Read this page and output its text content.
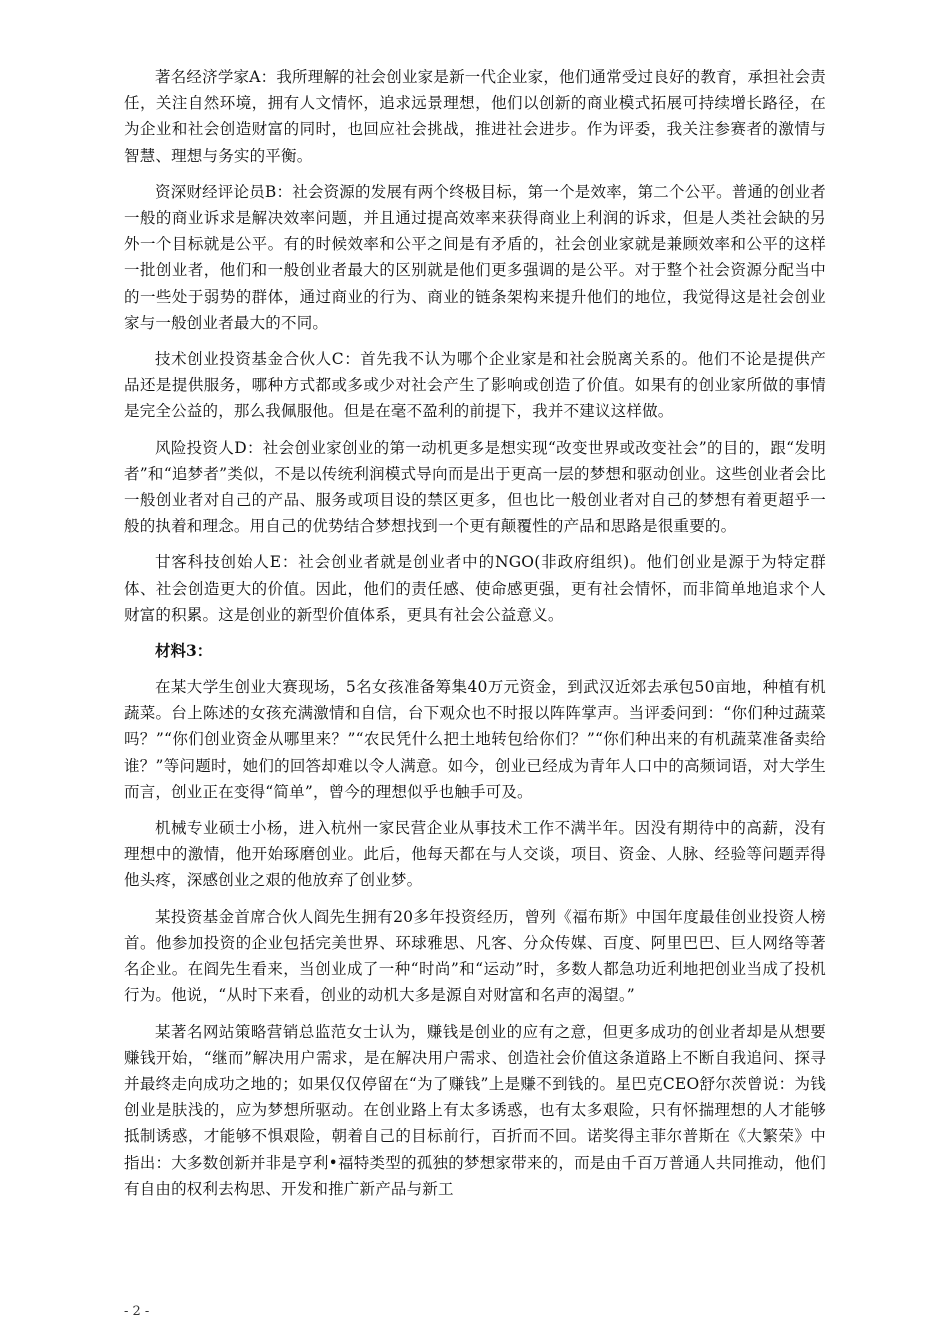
著名经济学家A：我所理解的社会创业家是新一代企业家，他们通常受过良好的教育，承担社会责任，关注自然环境，拥有人文情怀，追求远景理想，他们以创新的商业模式拓展可持续增长路径，在为企业和社会创造财富的同时，也回应社会挑战，推进社会进步。作为评委，我关注参赛者的激情与智慧、理想与务实的平衡。

资深财经评论员B：社会资源的发展有两个终极目标，第一个是效率，第二个公平。普通的创业者一般的商业诉求是解决效率问题，并且通过提高效率来获得商业上利润的诉求，但是人类社会缺的另外一个目标就是公平。有的时候效率和公平之间是有矛盾的，社会创业家就是兼顾效率和公平的这样一批创业者，他们和一般创业者最大的区别就是他们更多强调的是公平。对于整个社会资源分配当中的一些处于弱势的群体，通过商业的行为、商业的链条架构来提升他们的地位，我觉得这是社会创业家与一般创业者最大的不同。

技术创业投资基金合伙人C：首先我不认为哪个企业家是和社会脱离关系的。他们不论是提供产品还是提供服务，哪种方式都或多或少对社会产生了影响或创造了价值。如果有的创业家所做的事情是完全公益的，那么我佩服他。但是在毫不盈利的前提下，我并不建议这样做。

风险投资人D：社会创业家创业的第一动机更多是想实现“改变世界或改变社会”的目的，跟“发明者”和“追梦者”类似，不是以传统利润模式导向而是出于更高一层的梦想和驱动创业。这些创业者会比一般创业者对自己的产品、服务或项目设的禁区更多，但也比一般创业者对自己的梦想有着更超乎一般的执着和理念。用自己的优势结合梦想找到一个更有颠覆性的产品和思路是很重要的。

甘客科技创始人E：社会创业者就是创业者中的NGO(非政府组织)。他们创业是源于为特定群体、社会创造更大的价值。因此，他们的责任感、使命感更强，更有社会情怀，而非简单地追求个人财富的积累。这是创业的新型价值体系，更具有社会公益意义。

材料3：

在某大学生创业大赛现场，5名女孩准备筹集40万元资金，到武汉近郊去承包50亩地，种植有机蔬菜。台上陈述的女孩充满激情和自信，台下观众也不时报以阵阵掌声。当评委问到：“你们种过蔬菜吗？”“你们创业资金从哪里来？”“农民凭什么把土地转包给你们？”“你们种出来的有机蔬菜准备卖给谁？”等问题时，她们的回答却难以令人满意。如今，创业已经成为青年人口中的高频词语，对大学生而言，创业正在变得“简单”，曾今的理想似乎也触手可及。

机械专业硕士小杨，进入杭州一家民营企业从事技术工作不满半年。因没有期待中的高薪，没有理想中的激情，他开始琢磨创业。此后，他每天都在与人交谈，项目、资金、人脉、经验等问题弄得他头疼，深感创业之艰的他放弃了创业梦。

某投资基金首席合伙人阎先生拥有20多年投资经历，曾列《福布斯》中国年度最佳创业投资人榜首。他参加投资的企业包括完美世界、环球雅思、凡客、分众传媒、百度、阿里巴巴、巨人网络等著名企业。在阎先生看来，当创业成了一种“时尚”和“运动”时，多数人都急功近利地把创业当成了投机行为。他说，“从时下来看，创业的动机大多是源自对财富和名声的渴望。”

某著名网站策略营销总监范女士认为，赚钱是创业的应有之意，但更多成功的创业者却是从想要赚钱开始，“继而”解决用户需求，是在解决用户需求、创造社会价值这条道路上不断自我追问、探寻并最终走向成功之地的；如果仅仅停留在“为了赚钱”上是赚不到钱的。星巴克CEO舒尔茨曾说：为钱创业是肤浅的，应为梦想所驱动。在创业路上有太多诱惑，也有太多艰险，只有怀揣理想的人才能够抵制诱惑，才能够不惧艰险，朝着自己的目标前行，百折而不回。诺奖得主菲尔普斯在《大繁荣》中指出：大多数创新并非是亨利•福特类型的孤独的梦想家带来的，而是由千百万普通人共同推动，他们有自由的权利去构思、开发和推广新产品与新工

- 2 -
